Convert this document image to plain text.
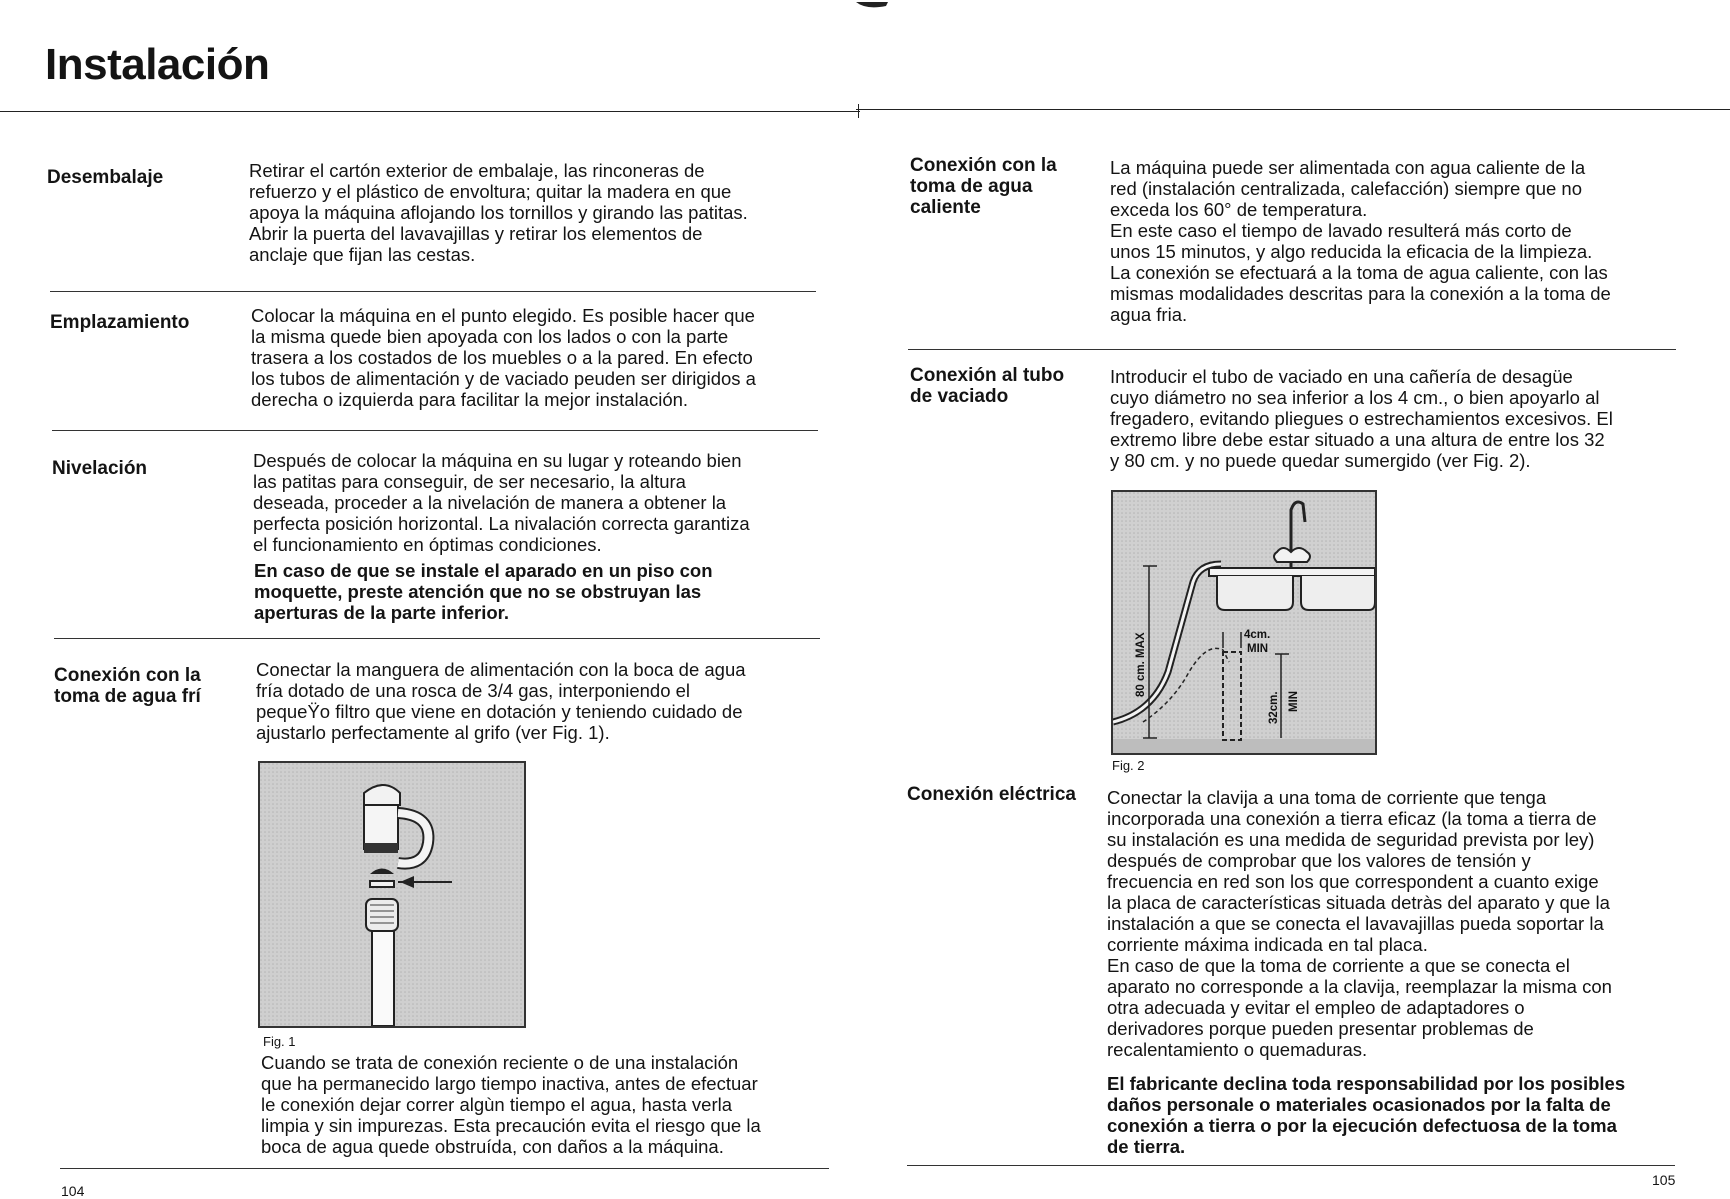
Instalación
Desembalaje	Retirar el cartón exterior de embalaje, las rinconeras de
refuerzo y el plástico de envoltura; quitar la madera en que
apoya la máquina aflojando los tornillos y girando las patitas.
Abrir la puerta del lavavajillas y retirar los elementos de
anclaje que fijan las cestas.
Emplazamiento	Colocar la máquina en el punto elegido. Es posible hacer que
la misma quede bien apoyada con los lados o con la parte
trasera a los costados de los muebles o a la pared. En efecto
los tubos de alimentación y de vaciado peuden ser dirigidos a
derecha o izquierda para facilitar la mejor instalación.
Nivelación	Después de colocar la máquina en su lugar y roteando bien
las patitas para conseguir, de ser necesario, la altura
deseada, proceder a la nivelación de manera a obtener la
perfecta posición horizontal. La nivalación correcta garantiza
el funcionamiento en óptimas condiciones.
En caso de que se instale el aparado en un piso con
moquette, preste atención que no se obstruyan las
aperturas de la parte inferior.
Conexión con la
toma de agua frí
Conectar la manguera de alimentación con la boca de agua
fría dotado de una rosca de 3/4 gas, interponiendo el
pequeŸo filtro que viene en dotación y teniendo cuidado de
ajustarlo perfectamente al grifo (ver Fig. 1).
Fig. 1
Cuando se trata de conexión reciente o de una instalación
que ha permanecido largo tiempo inactiva, antes de efectuar
le conexión dejar correr algùn tiempo el agua, hasta verla
limpia y sin impurezas. Esta precaución evita el riesgo que la
boca de agua quede obstruída, con daños a la máquina.
104
Conexión con la
toma de agua
caliente
La máquina puede ser alimentada con agua caliente de la
red (instalación centralizada, calefacción) siempre que no
exceda los 60° de temperatura.
En este caso el tiempo de lavado resulterá más corto de
unos 15 minutos, y algo reducida la eficacia de la limpieza.
La conexión se efectuará a la toma de agua caliente, con las
mismas modalidades descritas para la conexión a la toma de
agua fria.
Conexión al tubo
de vaciado
Introducir el tubo de vaciado en una cañería de desagüe
cuyo diámetro no sea inferior a los 4 cm., o bien apoyarlo al
fregadero, evitando pliegues o estrechamientos excesivos. El
extremo libre debe estar situado a una altura de entre los 32
y 80 cm. y no puede quedar sumergido (ver Fig. 2).
80 cm. MAX	4cm.
MIN
32cm. MIN
Fig. 2
Conexión eléctrica Conectar la clavija a una toma de corriente que tenga
incorporada una conexión a tierra eficaz (la toma a tierra de
su instalación es una medida de seguridad prevista por ley)
después de comprobar que los valores de tensión y
frecuencia en red son los que correspondent a cuanto exige
la placa de características situada detràs del aparato y que la
instalación a que se conecta el lavavajillas pueda soportar la
corriente máxima indicada en tal placa.
En caso de que la toma de corriente a que se conecta el
aparato no corresponde a la clavija, reemplazar la misma con
otra adecuada y evitar el empleo de adaptadores o
derivadores porque pueden presentar problemas de
recalentamiento o quemaduras.
El fabricante declina toda responsabilidad por los posibles
daños personale o materiales ocasionados por la falta de
conexión a tierra o por la ejecución defectuosa de la toma
de tierra.
105
